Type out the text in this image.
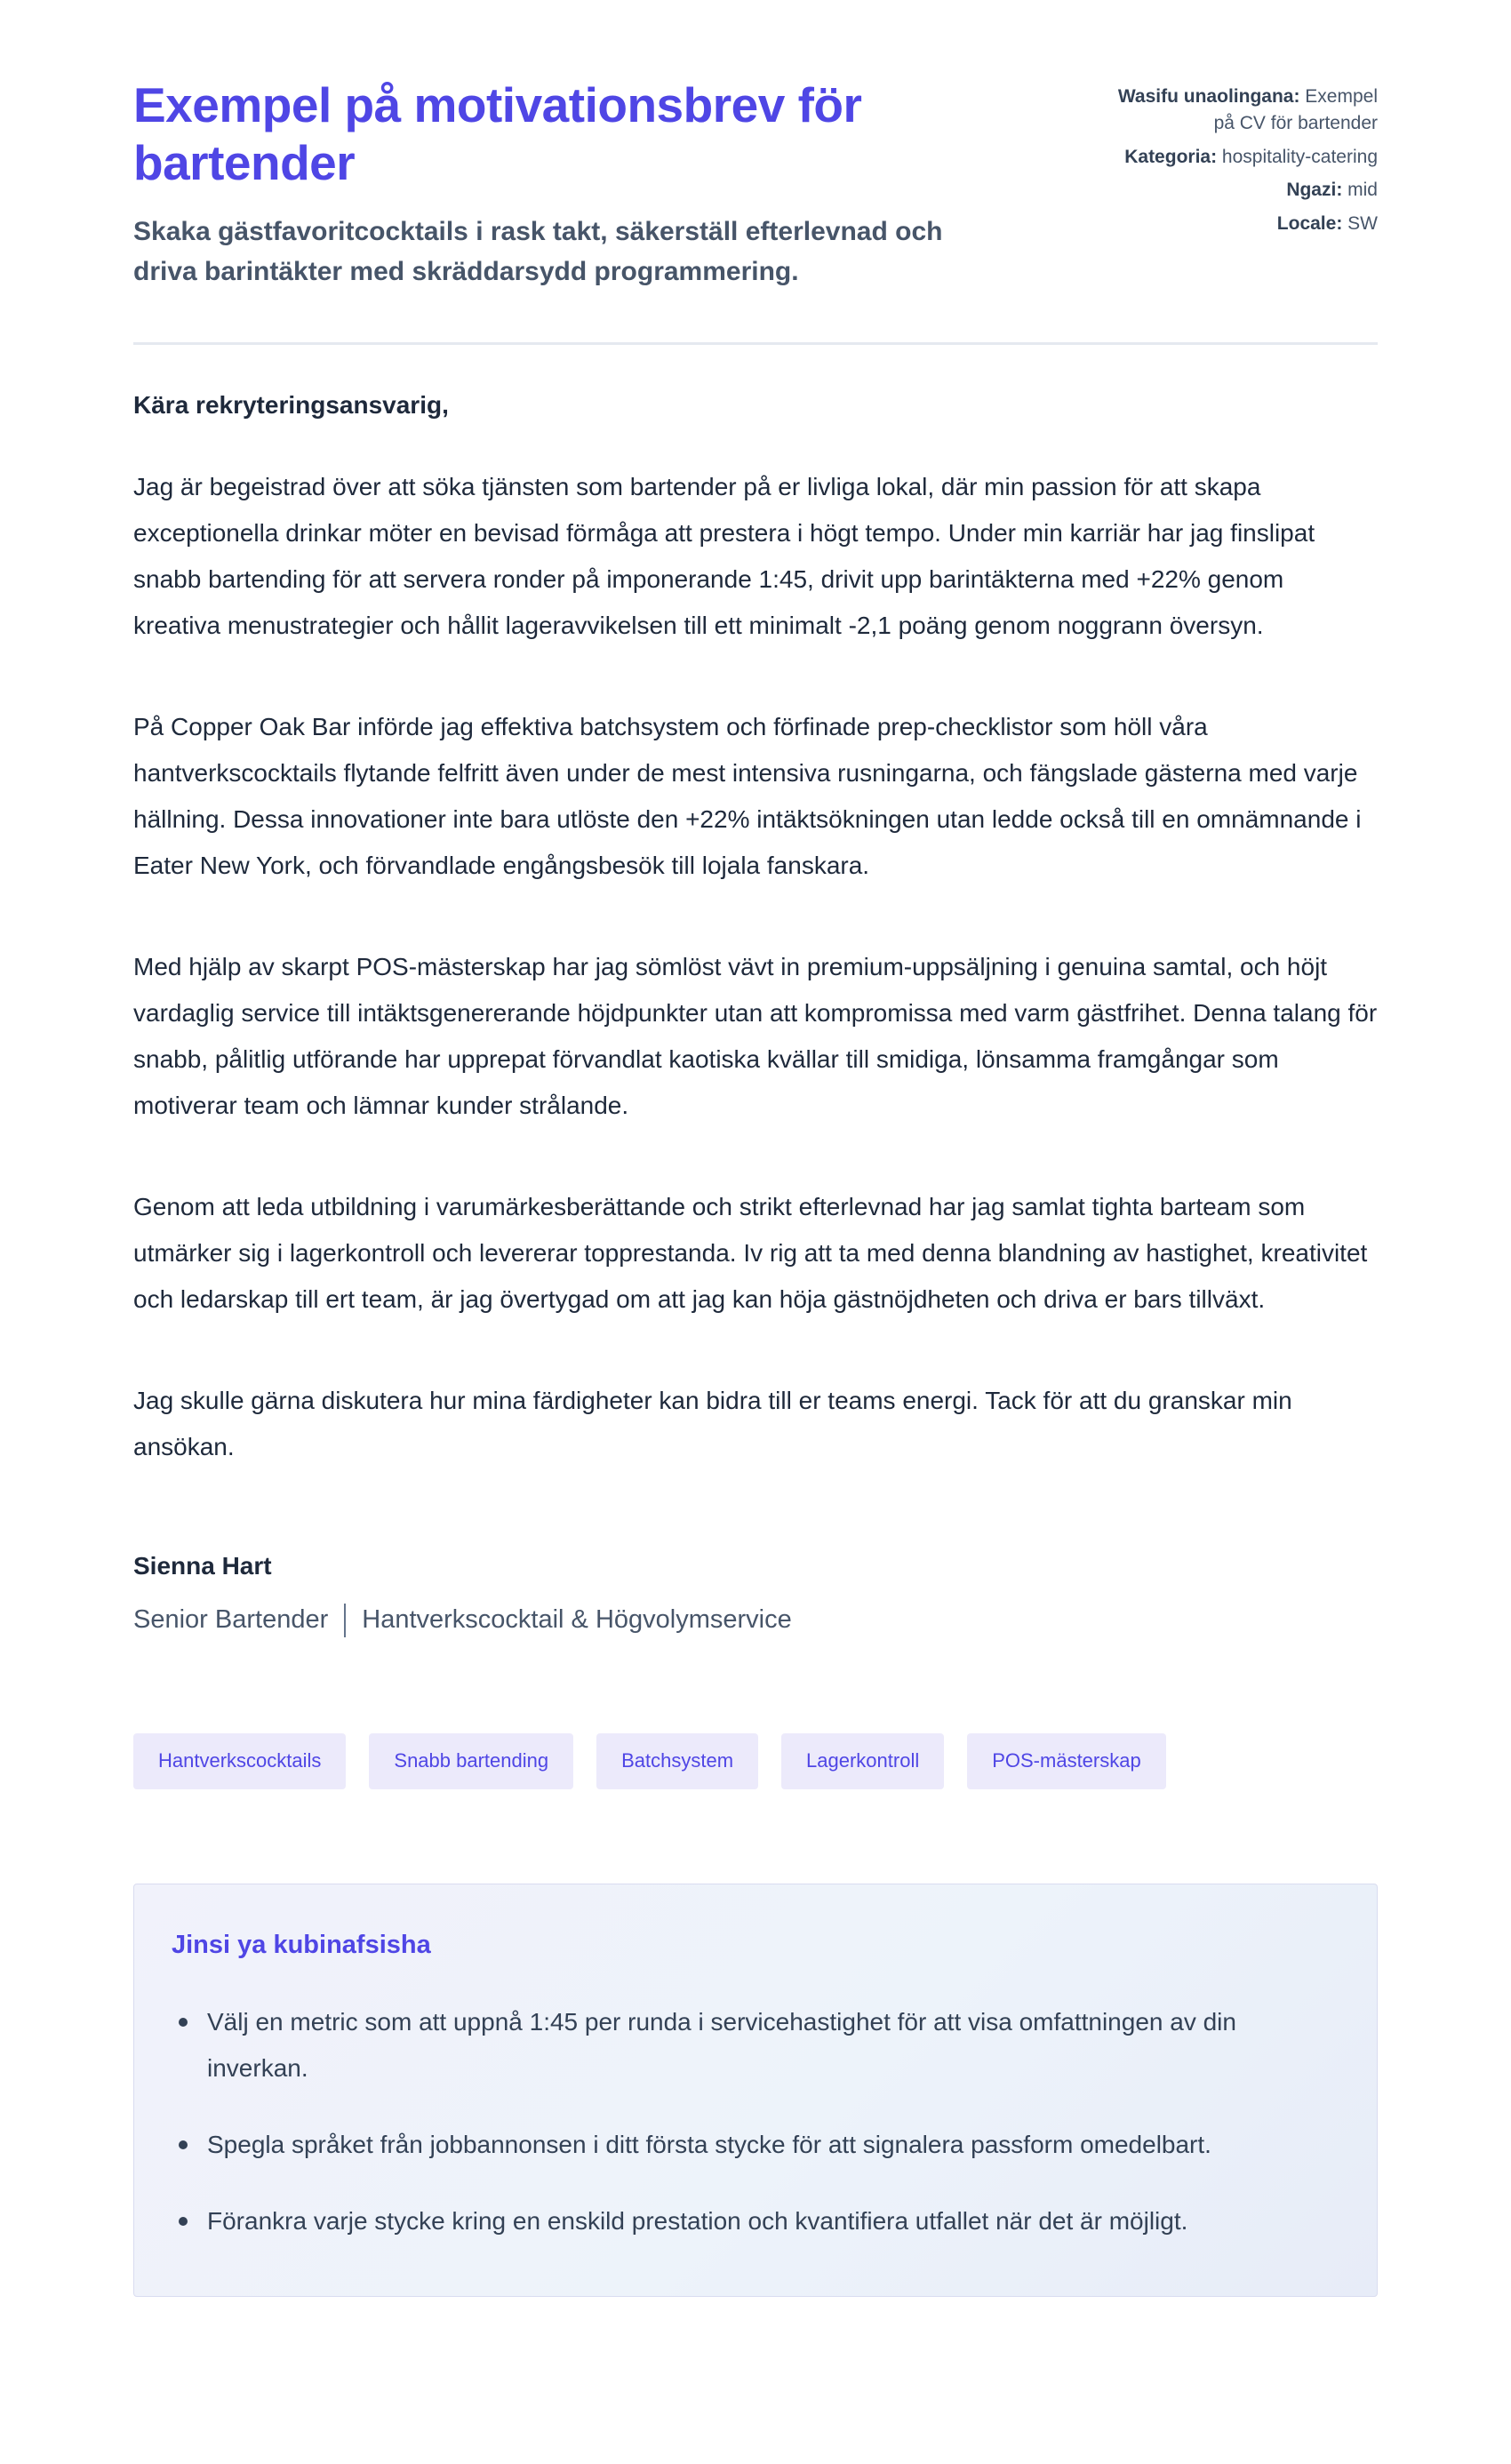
Exempel på motivationsbrev för bartender

Skaka gästfavoritcocktails i rask takt, säkerställ efterlevnad och driva barintäkter med skräddarsydd programmering.

Wasifu unaolingana: Exempel på CV för bartender
Kategoria: hospitality-catering
Ngazi: mid
Locale: SW

Kära rekryteringsansvarig,

Jag är begeistrad över att söka tjänsten som bartender på er livliga lokal, där min passion för att skapa exceptionella drinkar möter en bevisad förmåga att prestera i högt tempo. Under min karriär har jag finslipat snabb bartending för att servera ronder på imponerande 1:45, drivit upp barintäkterna med +22% genom kreativa menustrategier och hållit lageravvikelsen till ett minimalt -2,1 poäng genom noggrann översyn.

På Copper Oak Bar införde jag effektiva batchsystem och förfinade prep-checklistor som höll våra hantverkscocktails flytande felfritt även under de mest intensiva rusningarna, och fängslade gästerna med varje hällning. Dessa innovationer inte bara utlöste den +22% intäktsökningen utan ledde också till en omnämnande i Eater New York, och förvandlade engångsbesök till lojala fanskara.

Med hjälp av skarpt POS-mästerskap har jag sömlöst vävt in premium-uppsäljning i genuina samtal, och höjt vardaglig service till intäktsgenererande höjdpunkter utan att kompromissa med varm gästfrihet. Denna talang för snabb, pålitlig utförande har upprepat förvandlat kaotiska kvällar till smidiga, lönsamma framgångar som motiverar team och lämnar kunder strålande.

Genom att leda utbildning i varumärkesberättande och strikt efterlevnad har jag samlat tighta barteam som utmärker sig i lagerkontroll och levererar topprestanda. Iv rig att ta med denna blandning av hastighet, kreativitet och ledarskap till ert team, är jag övertygad om att jag kan höja gästnöjdheten och driva er bars tillväxt.

Jag skulle gärna diskutera hur mina färdigheter kan bidra till er teams energi. Tack för att du granskar min ansökan.

Sienna Hart
Senior Bartender Hantverkscocktail & Högvolymservice
Hantverkscocktails	Snabb bartending	Batchsystem	Lagerkontroll	POS-mästerskap
Jinsi ya kubinafsisha
Välj en metric som att uppnå 1:45 per runda i servicehastighet för att visa omfattningen av din inverkan.
Spegla språket från jobbannonsen i ditt första stycke för att signalera passform omedelbart.
Förankra varje stycke kring en enskild prestation och kvantifiera utfallet när det är möjligt.
